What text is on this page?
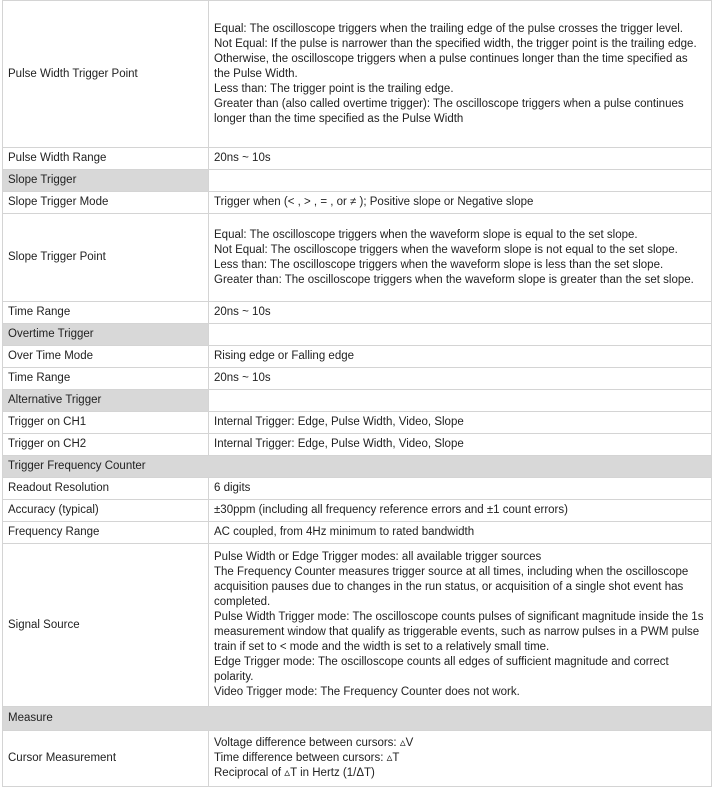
Pulse Width Trigger Point	Equal: The oscilloscope triggers when the trailing edge of the pulse crosses the trigger level.
Not Equal: If the pulse is narrower than the specified width, the trigger point is the trailing edge. Otherwise, the oscilloscope triggers when a pulse continues longer than the time specified as the Pulse Width.
Less than: The trigger point is the trailing edge.
Greater than (also called overtime trigger): The oscilloscope triggers when a pulse continues longer than the time specified as the Pulse Width

Pulse Width Range	20ns ~ 10s
Slope Trigger	
Slope Trigger Mode	Trigger when (< , > , = , or ≠ ); Positive slope or Negative slope
Slope Trigger Point	Equal: The oscilloscope triggers when the waveform slope is equal to the set slope.
Not Equal: The oscilloscope triggers when the waveform slope is not equal to the set slope.
Less than: The oscilloscope triggers when the waveform slope is less than the set slope.
Greater than: The oscilloscope triggers when the waveform slope is greater than the set slope.

Time Range	20ns ~ 10s
Overtime Trigger	
Over Time Mode	Rising edge or Falling edge
Time Range	20ns ~ 10s
Alternative Trigger	
Trigger on CH1	Internal Trigger: Edge, Pulse Width, Video, Slope
Trigger on CH2	Internal Trigger: Edge, Pulse Width, Video, Slope
Trigger Frequency Counter	
Readout Resolution	6 digits
Accuracy (typical)	±30ppm (including all frequency reference errors and ±1 count errors)
Frequency Range	AC coupled, from 4Hz minimum to rated bandwidth
Signal Source	Pulse Width or Edge Trigger modes: all available trigger sources
The Frequency Counter measures trigger source at all times, including when the oscilloscope acquisition pauses due to changes in the run status, or acquisition of a single shot event has completed.
Pulse Width Trigger mode: The oscilloscope counts pulses of significant magnitude inside the 1s measurement window that qualify as triggerable events, such as narrow pulses in a PWM pulse train if set to < mode and the width is set to a relatively small time.
Edge Trigger mode: The oscilloscope counts all edges of sufficient magnitude and correct polarity.
Video Trigger mode: The Frequency Counter does not work.

Measure	
Cursor Measurement	Voltage difference between cursors: ▵V
Time difference between cursors: ▵T
Reciprocal of ▵T in Hertz (1/ΔT)
